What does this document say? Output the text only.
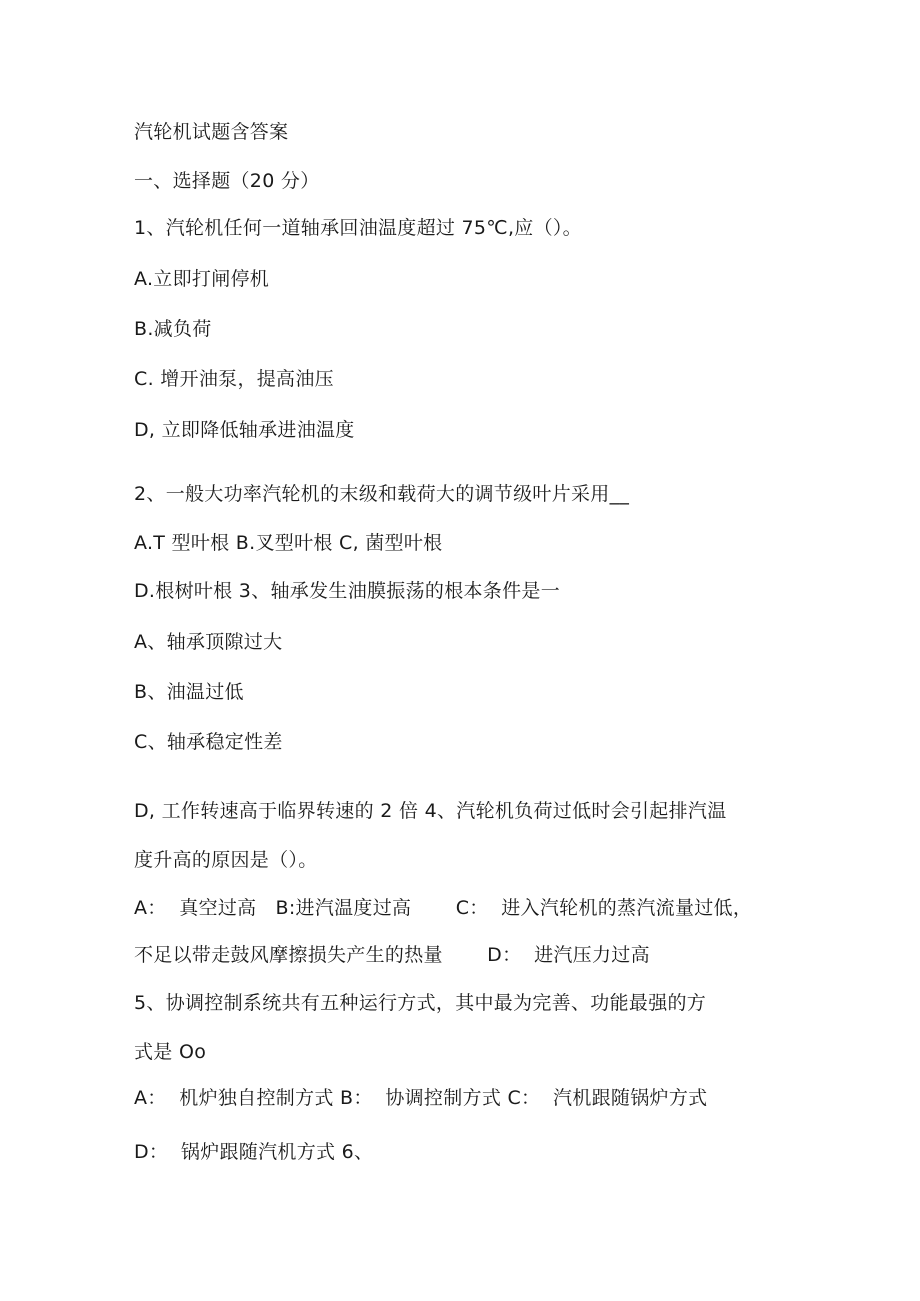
汽轮机试题含答案
一、选择题（20 分）
1、汽轮机任何一道轴承回油温度超过 75℃,应（）。
A.立即打闸停机
B.减负荷
C. 增开油泵，提高油压
D, 立即降低轴承进油温度
2、一般大功率汽轮机的末级和载荷大的调节级叶片采用__
A.T 型叶根 B.叉型叶根 C, 菌型叶根
D.根树叶根 3、轴承发生油膜振荡的根本条件是一
A、轴承顶隙过大
B、油温过低
C、轴承稳定性差
D, 工作转速高于临界转速的 2 倍 4、汽轮机负荷过低时会引起排汽温
度升高的原因是（）。
A：  真空过高   B:进汽温度过高       C：  进入汽轮机的蒸汽流量过低，
不足以带走鼓风摩擦损失产生的热量       D：  进汽压力过高
5、协调控制系统共有五种运行方式，其中最为完善、功能最强的方
式是 Oo
A：  机炉独自控制方式 B：  协调控制方式 C：  汽机跟随锅炉方式
D：  锅炉跟随汽机方式 6、
